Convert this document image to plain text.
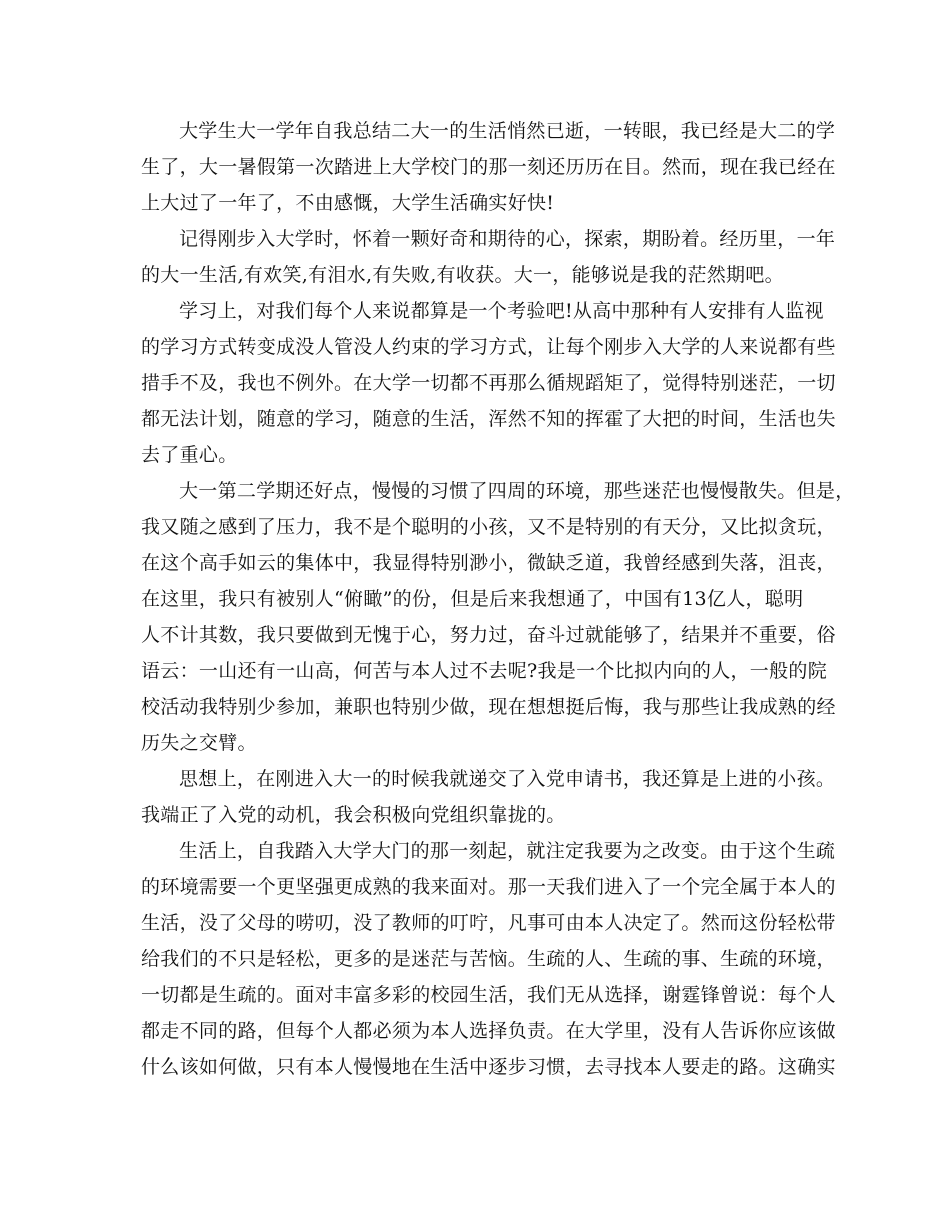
大学生大一学年自我总结二大一的生活悄然已逝，一转眼，我已经是大二的学
生了，大一暑假第一次踏进上大学校门的那一刻还历历在目。然而，现在我已经在
上大过了一年了，不由感慨，大学生活确实好快!
记得刚步入大学时，怀着一颗好奇和期待的心，探索，期盼着。经历里，一年
的大一生活,有欢笑,有泪水,有失败,有收获。大一，能够说是我的茫然期吧。
学习上，对我们每个人来说都算是一个考验吧!从高中那种有人安排有人监视
的学习方式转变成没人管没人约束的学习方式，让每个刚步入大学的人来说都有些
措手不及，我也不例外。在大学一切都不再那么循规蹈矩了，觉得特别迷茫，一切
都无法计划，随意的学习，随意的生活，浑然不知的挥霍了大把的时间，生活也失
去了重心。
大一第二学期还好点，慢慢的习惯了四周的环境，那些迷茫也慢慢散失。但是，
我又随之感到了压力，我不是个聪明的小孩，又不是特别的有天分，又比拟贪玩，
在这个高手如云的集体中，我显得特别渺小，微缺乏道，我曾经感到失落，沮丧，
在这里，我只有被别人“俯瞰”的份，但是后来我想通了，中国有13亿人，聪明
人不计其数，我只要做到无愧于心，努力过，奋斗过就能够了，结果并不重要，俗
语云：一山还有一山高，何苦与本人过不去呢?我是一个比拟内向的人，一般的院
校活动我特别少参加，兼职也特别少做，现在想想挺后悔，我与那些让我成熟的经
历失之交臂。
思想上，在刚进入大一的时候我就递交了入党申请书，我还算是上进的小孩。
我端正了入党的动机，我会积极向党组织靠拢的。
生活上，自我踏入大学大门的那一刻起，就注定我要为之改变。由于这个生疏
的环境需要一个更坚强更成熟的我来面对。那一天我们进入了一个完全属于本人的
生活，没了父母的唠叨，没了教师的叮咛，凡事可由本人决定了。然而这份轻松带
给我们的不只是轻松，更多的是迷茫与苦恼。生疏的人、生疏的事、生疏的环境，
一切都是生疏的。面对丰富多彩的校园生活，我们无从选择，谢霆锋曾说：每个人
都走不同的路，但每个人都必须为本人选择负责。在大学里，没有人告诉你应该做
什么该如何做，只有本人慢慢地在生活中逐步习惯，去寻找本人要走的路。这确实
